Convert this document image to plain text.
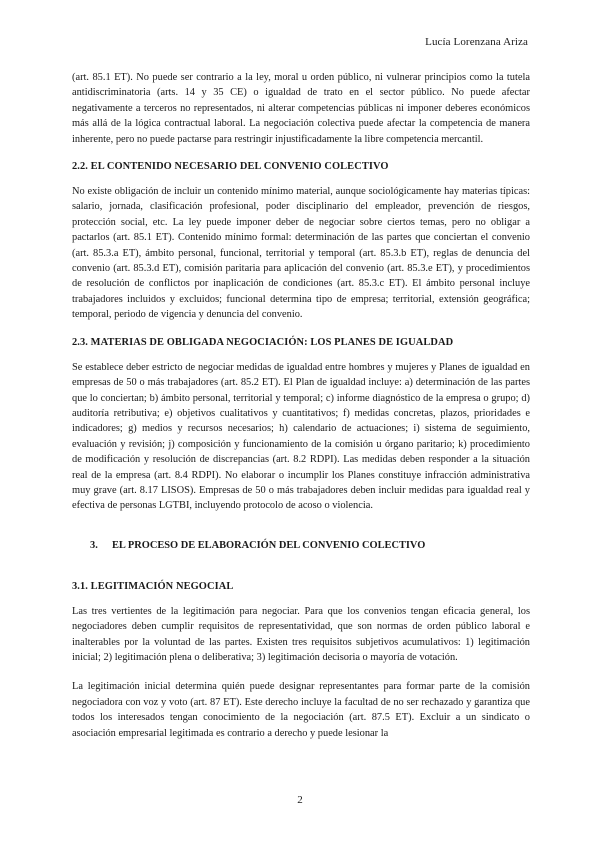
Lucía Lorenzana Ariza

(art. 85.1 ET). No puede ser contrario a la ley, moral u orden público, ni vulnerar principios como la tutela antidiscriminatoria (arts. 14 y 35 CE) o igualdad de trato en el sector público. No puede afectar negativamente a terceros no representados, ni alterar competencias públicas ni imponer deberes económicos más allá de la lógica contractual laboral. La negociación colectiva puede afectar la competencia de manera inherente, pero no puede pactarse para restringir injustificadamente la libre competencia mercantil.

2.2. EL CONTENIDO NECESARIO DEL CONVENIO COLECTIVO

No existe obligación de incluir un contenido mínimo material, aunque sociológicamente hay materias típicas: salario, jornada, clasificación profesional, poder disciplinario del empleador, prevención de riesgos, protección social, etc. La ley puede imponer deber de negociar sobre ciertos temas, pero no obligar a pactarlos (art. 85.1 ET). Contenido mínimo formal: determinación de las partes que conciertan el convenio (art. 85.3.a ET), ámbito personal, funcional, territorial y temporal (art. 85.3.b ET), reglas de denuncia del convenio (art. 85.3.d ET), comisión paritaria para aplicación del convenio (art. 85.3.e ET), y procedimientos de resolución de conflictos por inaplicación de condiciones (art. 85.3.c ET). El ámbito personal incluye trabajadores incluidos y excluidos; funcional determina tipo de empresa; territorial, extensión geográfica; temporal, periodo de vigencia y denuncia del convenio.

2.3. MATERIAS DE OBLIGADA NEGOCIACIÓN: LOS PLANES DE IGUALDAD

Se establece deber estricto de negociar medidas de igualdad entre hombres y mujeres y Planes de igualdad en empresas de 50 o más trabajadores (art. 85.2 ET). El Plan de igualdad incluye: a) determinación de las partes que lo conciertan; b) ámbito personal, territorial y temporal; c) informe diagnóstico de la empresa o grupo; d) auditoría retributiva; e) objetivos cualitativos y cuantitativos; f) medidas concretas, plazos, prioridades e indicadores; g) medios y recursos necesarios; h) calendario de actuaciones; i) sistema de seguimiento, evaluación y revisión; j) composición y funcionamiento de la comisión u órgano paritario; k) procedimiento de modificación y resolución de discrepancias (art. 8.2 RDPI). Las medidas deben responder a la situación real de la empresa (art. 8.4 RDPI). No elaborar o incumplir los Planes constituye infracción administrativa muy grave (art. 8.17 LISOS). Empresas de 50 o más trabajadores deben incluir medidas para igualdad real y efectiva de personas LGTBI, incluyendo protocolo de acoso o violencia.

3. EL PROCESO DE ELABORACIÓN DEL CONVENIO COLECTIVO
3.1. LEGITIMACIÓN NEGOCIAL

Las tres vertientes de la legitimación para negociar. Para que los convenios tengan eficacia general, los negociadores deben cumplir requisitos de representatividad, que son normas de orden público laboral e inalterables por la voluntad de las partes. Existen tres requisitos subjetivos acumulativos: 1) legitimación inicial; 2) legitimación plena o deliberativa; 3) legitimación decisoria o mayoría de votación.

La legitimación inicial determina quién puede designar representantes para formar parte de la comisión negociadora con voz y voto (art. 87 ET). Este derecho incluye la facultad de no ser rechazado y garantiza que todos los interesados tengan conocimiento de la negociación (art. 87.5 ET). Excluir a un sindicato o asociación empresarial legitimada es contrario a derecho y puede lesionar la

2
